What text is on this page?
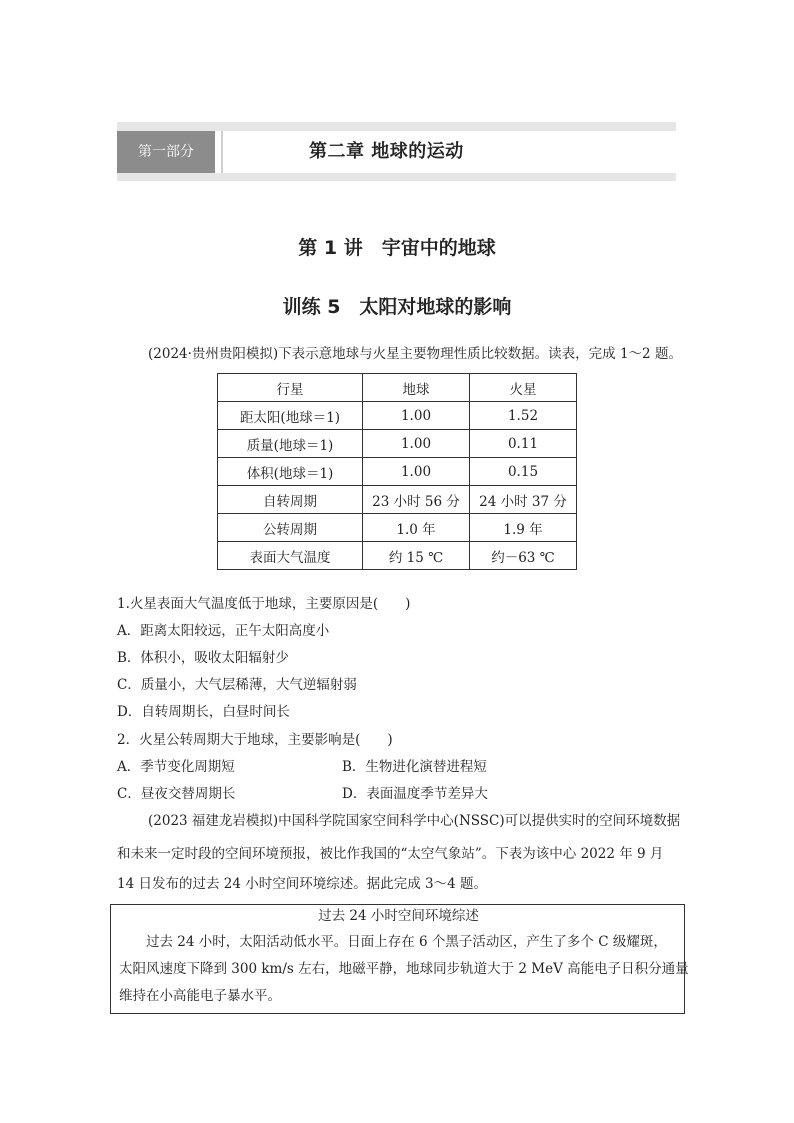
第一部分	第二章 地球的运动
第 1 讲　宇宙中的地球
训练 5　太阳对地球的影响
(2024·贵州贵阳模拟)下表示意地球与火星主要物理性质比较数据。读表，完成 1～2 题。
行星	地球	火星
距太阳(地球＝1)	1.00	1.52
质量(地球＝1)	1.00	0.11
体积(地球＝1)	1.00	0.15
自转周期	23 小时 56 分	24 小时 37 分
公转周期	1.0 年	1.9 年
表面大气温度	约 15 ℃	约－63 ℃
1.火星表面大气温度低于地球，主要原因是(　　)
A．距离太阳较远，正午太阳高度小
B．体积小，吸收太阳辐射少
C．质量小，大气层稀薄，大气逆辐射弱
D．自转周期长，白昼时间长
2．火星公转周期大于地球，主要影响是(　　)
A．季节变化周期短	B．生物进化演替进程短
C．昼夜交替周期长	D．表面温度季节差异大
(2023 福建龙岩模拟)中国科学院国家空间科学中心(NSSC)可以提供实时的空间环境数据
和未来一定时段的空间环境预报，被比作我国的“太空气象站”。下表为该中心 2022 年 9 月
14 日发布的过去 24 小时空间环境综述。据此完成 3～4 题。
过去 24 小时空间环境综述
　　过去 24 小时，太阳活动低水平。日面上存在 6 个黑子活动区，产生了多个 C 级耀斑，
太阳风速度下降到 300 km/s 左右，地磁平静，地球同步轨道大于 2 MeV 高能电子日积分通量
维持在小高能电子暴水平。
